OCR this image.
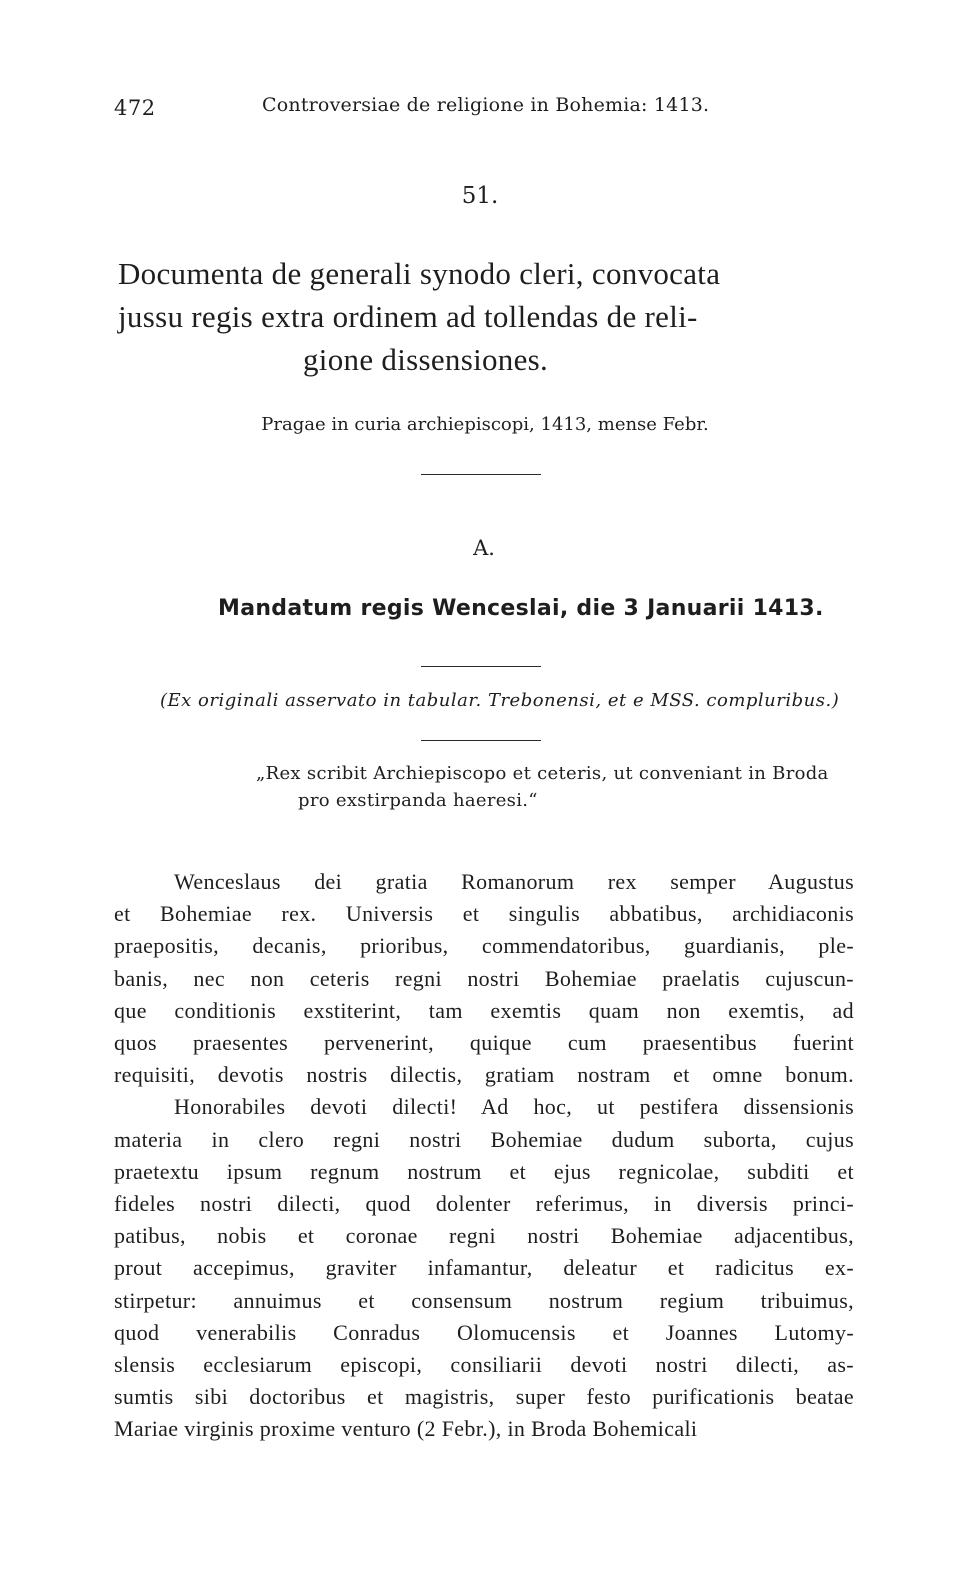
472	Controversiae de religione in Bohemia: 1413.
51.
Documenta de generali synodo cleri, convocata
jussu regis extra ordinem ad tollendas de reli-
gione dissensiones.
Pragae in curia archiepiscopi, 1413, mense Febr.
A.
Mandatum regis Wenceslai, die 3 Januarii 1413.
(Ex originali asservato in tabular. Trebonensi, et e MSS. compluribus.)
„Rex scribit Archiepiscopo et ceteris, ut conveniant in Broda
pro exstirpanda haeresi.“
Wenceslaus dei gratia Romanorum rex semper Augustus
et Bohemiae rex. Universis et singulis abbatibus, archidiaconis
praepositis, decanis, prioribus, commendatoribus, guardianis, ple-
banis, nec non ceteris regni nostri Bohemiae praelatis cujuscun-
que conditionis exstiterint, tam exemtis quam non exemtis, ad
quos praesentes pervenerint, quique cum praesentibus fuerint
requisiti, devotis nostris dilectis, gratiam nostram et omne bonum.
Honorabiles devoti dilecti! Ad hoc, ut pestifera dissensionis
materia in clero regni nostri Bohemiae dudum suborta, cujus
praetextu ipsum regnum nostrum et ejus regnicolae, subditi et
fideles nostri dilecti, quod dolenter referimus, in diversis princi-
patibus, nobis et coronae regni nostri Bohemiae adjacentibus,
prout accepimus, graviter infamantur, deleatur et radicitus ex-
stirpetur: annuimus et consensum nostrum regium tribuimus,
quod venerabilis Conradus Olomucensis et Joannes Lutomy-
slensis ecclesiarum episcopi, consiliarii devoti nostri dilecti, as-
sumtis sibi doctoribus et magistris, super festo purificationis beatae
Mariae virginis proxime venturo (2 Febr.), in Broda Bohemicali
